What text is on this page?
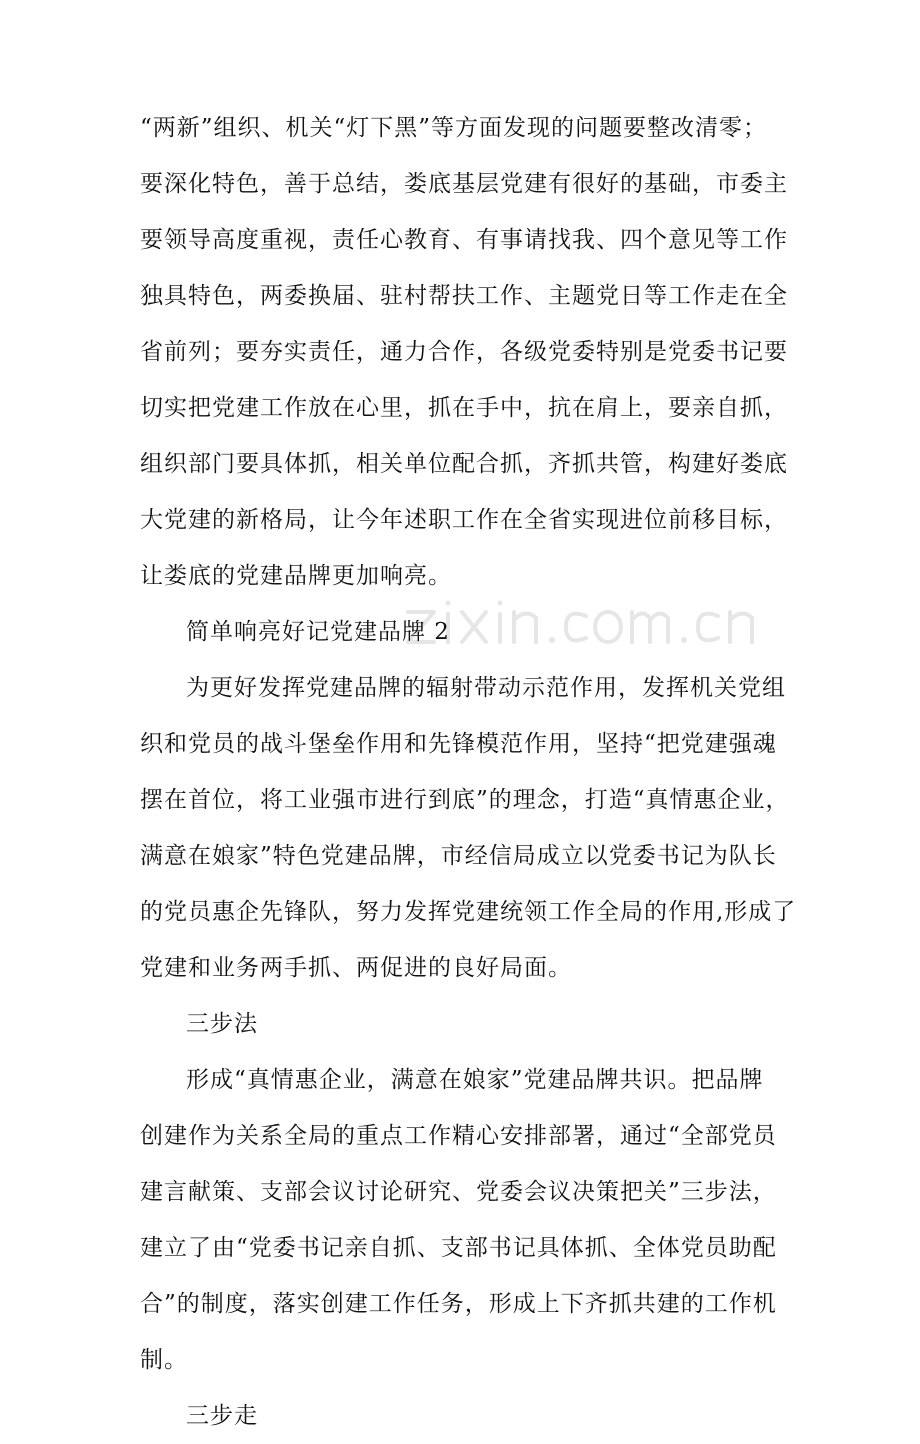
“两新”组织、机关“灯下黑”等方面发现的问题要整改清零；
要深化特色，善于总结，娄底基层党建有很好的基础，市委主
要领导高度重视，责任心教育、有事请找我、四个意见等工作
独具特色，两委换届、驻村帮扶工作、主题党日等工作走在全
省前列；要夯实责任，通力合作，各级党委特别是党委书记要
切实把党建工作放在心里，抓在手中，抗在肩上，要亲自抓，
组织部门要具体抓，相关单位配合抓，齐抓共管，构建好娄底
大党建的新格局，让今年述职工作在全省实现进位前移目标，
让娄底的党建品牌更加响亮。
简单响亮好记党建品牌 2
为更好发挥党建品牌的辐射带动示范作用，发挥机关党组
织和党员的战斗堡垒作用和先锋模范作用，坚持“把党建强魂
摆在首位，将工业强市进行到底”的理念，打造“真情惠企业，
满意在娘家”特色党建品牌，市经信局成立以党委书记为队长
的党员惠企先锋队，努力发挥党建统领工作全局的作用,形成了
党建和业务两手抓、两促进的良好局面。
三步法
形成“真情惠企业，满意在娘家”党建品牌共识。把品牌
创建作为关系全局的重点工作精心安排部署，通过“全部党员
建言献策、支部会议讨论研究、党委会议决策把关”三步法，
建立了由“党委书记亲自抓、支部书记具体抓、全体党员助配
合”的制度，落实创建工作任务，形成上下齐抓共建的工作机
制。
三步走
